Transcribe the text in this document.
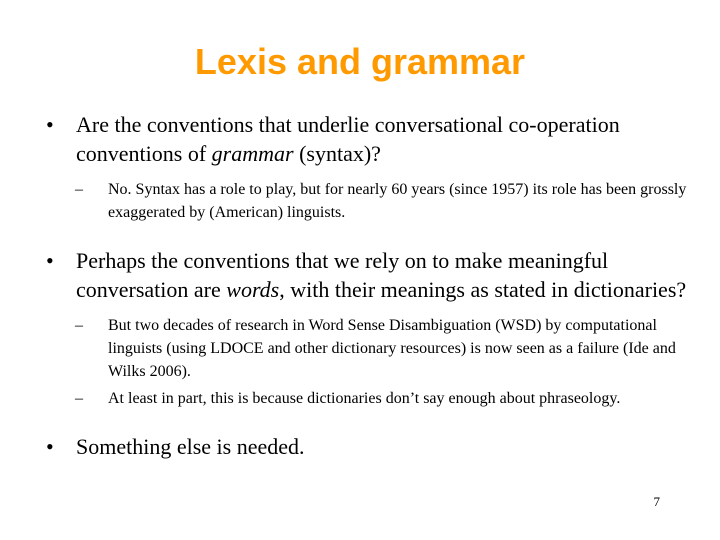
Lexis and grammar
• Are the conventions that underlie conversational co-operation conventions of grammar (syntax)?
– No. Syntax has a role to play, but for nearly 60 years (since 1957) its role has been grossly exaggerated by (American) linguists.
• Perhaps the conventions that we rely on to make meaningful conversation are words, with their meanings as stated in dictionaries?
– But two decades of research in Word Sense Disambiguation (WSD) by computational linguists (using LDOCE and other dictionary resources) is now seen as a failure (Ide and Wilks 2006).
– At least in part, this is because dictionaries don’t say enough about phraseology.
• Something else is needed.
7
